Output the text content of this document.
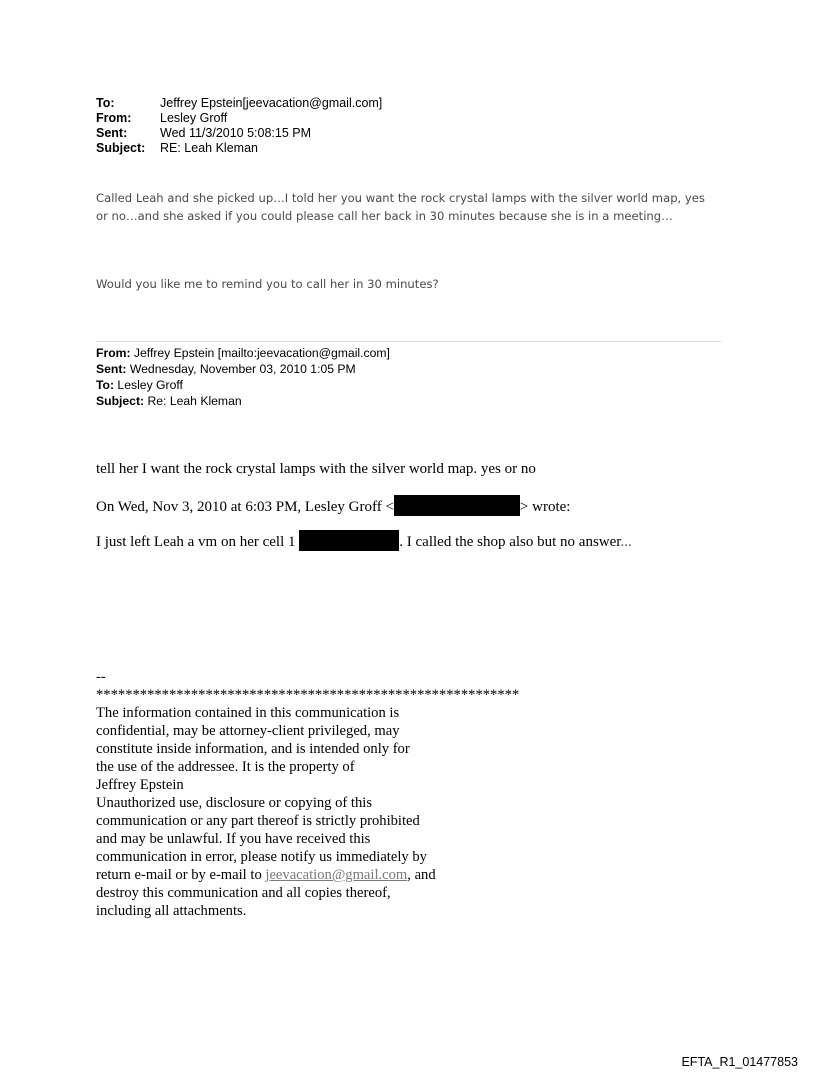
To:	Jeffrey Epstein[jeevacation@gmail.com]
From:	Lesley Groff
Sent:	Wed 11/3/2010 5:08:15 PM
Subject:	RE: Leah Kleman
Called Leah and she picked up…I told her you want the rock crystal lamps with the silver world map, yes
or no…and she asked if you could please call her back in 30 minutes because she is in a meeting…
Would you like me to remind you to call her in 30 minutes?
From: Jeffrey Epstein [mailto:jeevacation@gmail.com]
Sent: Wednesday, November 03, 2010 1:05 PM
To: Lesley Groff
Subject: Re: Leah Kleman
tell her I want the rock crystal lamps with the silver world map. yes or no
On Wed, Nov 3, 2010 at 6:03 PM, Lesley Groff <	> wrote:
I just left Leah a vm on her cell 1	. I called the shop also but no answer...
--
**********************************************************
The information contained in this communication is
confidential, may be attorney-client privileged, may
constitute inside information, and is intended only for
the use of the addressee. It is the property of
Jeffrey Epstein
Unauthorized use, disclosure or copying of this
communication or any part thereof is strictly prohibited
and may be unlawful. If you have received this
communication in error, please notify us immediately by
return e-mail or by e-mail to jeevacation@gmail.com, and
destroy this communication and all copies thereof,
including all attachments.
EFTA_R1_01477853
